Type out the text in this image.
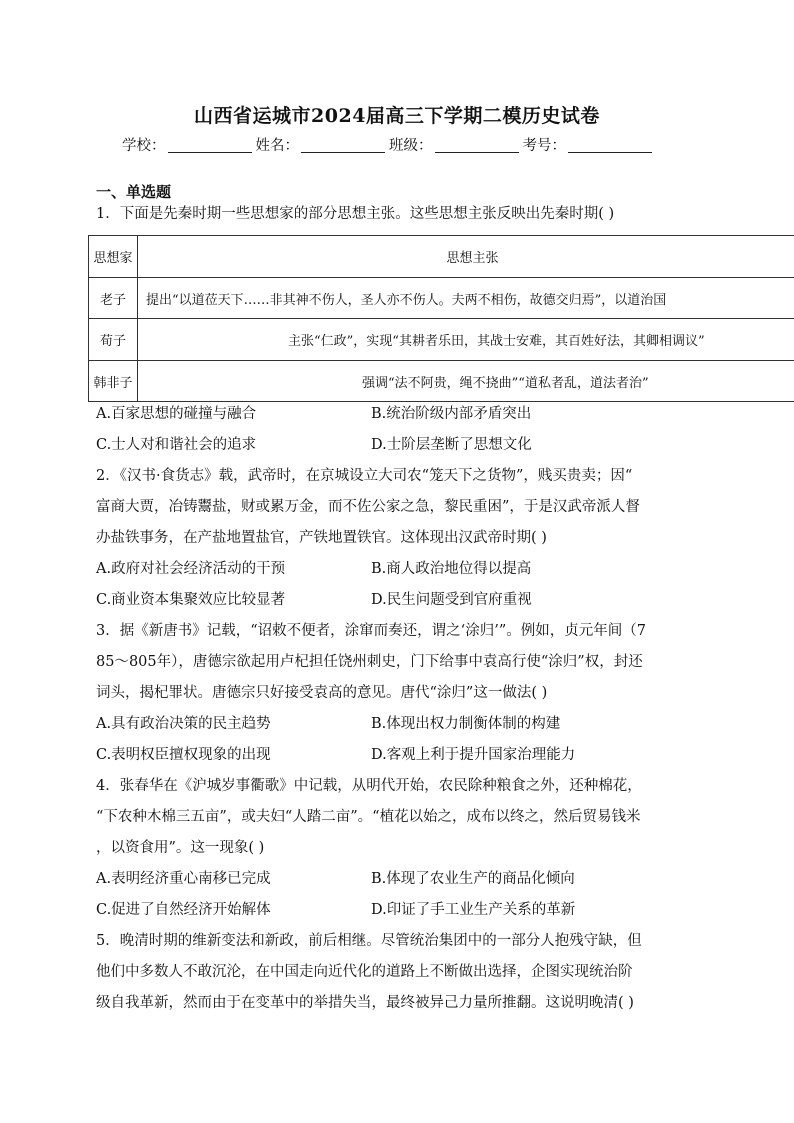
山西省运城市2024届高三下学期二模历史试卷
学校：	姓名：	班级：	考号：
一、单选题
1．下面是先秦时期一些思想家的部分思想主张。这些思想主张反映出先秦时期( )
思想家	思想主张
老子	提出“以道莅天下……非其神不伤人，圣人亦不伤人。夫两不相伤，故德交归焉”，以道治国
荀子	主张“仁政”，实现“其耕者乐田，其战士安难，其百姓好法，其卿相调议”
韩非子	强调“法不阿贵，绳不挠曲”“道私者乱，道法者治”
A.百家思想的碰撞与融合	B.统治阶级内部矛盾突出
C.士人对和谐社会的追求	D.士阶层垄断了思想文化
2．《汉书·食货志》载，武帝时，在京城设立大司农“笼天下之货物”，贱买贵卖；因“
富商大贾，冶铸鬻盐，财或累万金，而不佐公家之急，黎民重困”，于是汉武帝派人督
办盐铁事务，在产盐地置盐官，产铁地置铁官。这体现出汉武帝时期( )
A.政府对社会经济活动的干预	B.商人政治地位得以提高
C.商业资本集聚效应比较显著	D.民生问题受到官府重视
3．据《新唐书》记载，“诏敕不便者，涂窜而奏还，谓之‘涂归’”。例如，贞元年间（7
85～805年），唐德宗欲起用卢杞担任饶州刺史，门下给事中袁高行使“涂归”权，封还
词头，揭杞罪状。唐德宗只好接受袁高的意见。唐代“涂归”这一做法( )
A.具有政治决策的民主趋势	B.体现出权力制衡体制的构建
C.表明权臣擅权现象的出现	D.客观上利于提升国家治理能力
4．张春华在《沪城岁事衢歌》中记载，从明代开始，农民除种粮食之外，还种棉花，
“下农种木棉三五亩”，或夫妇“人踏二亩”。“植花以始之，成布以终之，然后贸易钱米
，以资食用”。这一现象( )
A.表明经济重心南移已完成	B.体现了农业生产的商品化倾向
C.促进了自然经济开始解体	D.印证了手工业生产关系的革新
5．晚清时期的维新变法和新政，前后相继。尽管统治集团中的一部分人抱残守缺，但
他们中多数人不敢沉沦，在中国走向近代化的道路上不断做出选择，企图实现统治阶
级自我革新，然而由于在变革中的举措失当，最终被异己力量所推翻。这说明晚清( )
